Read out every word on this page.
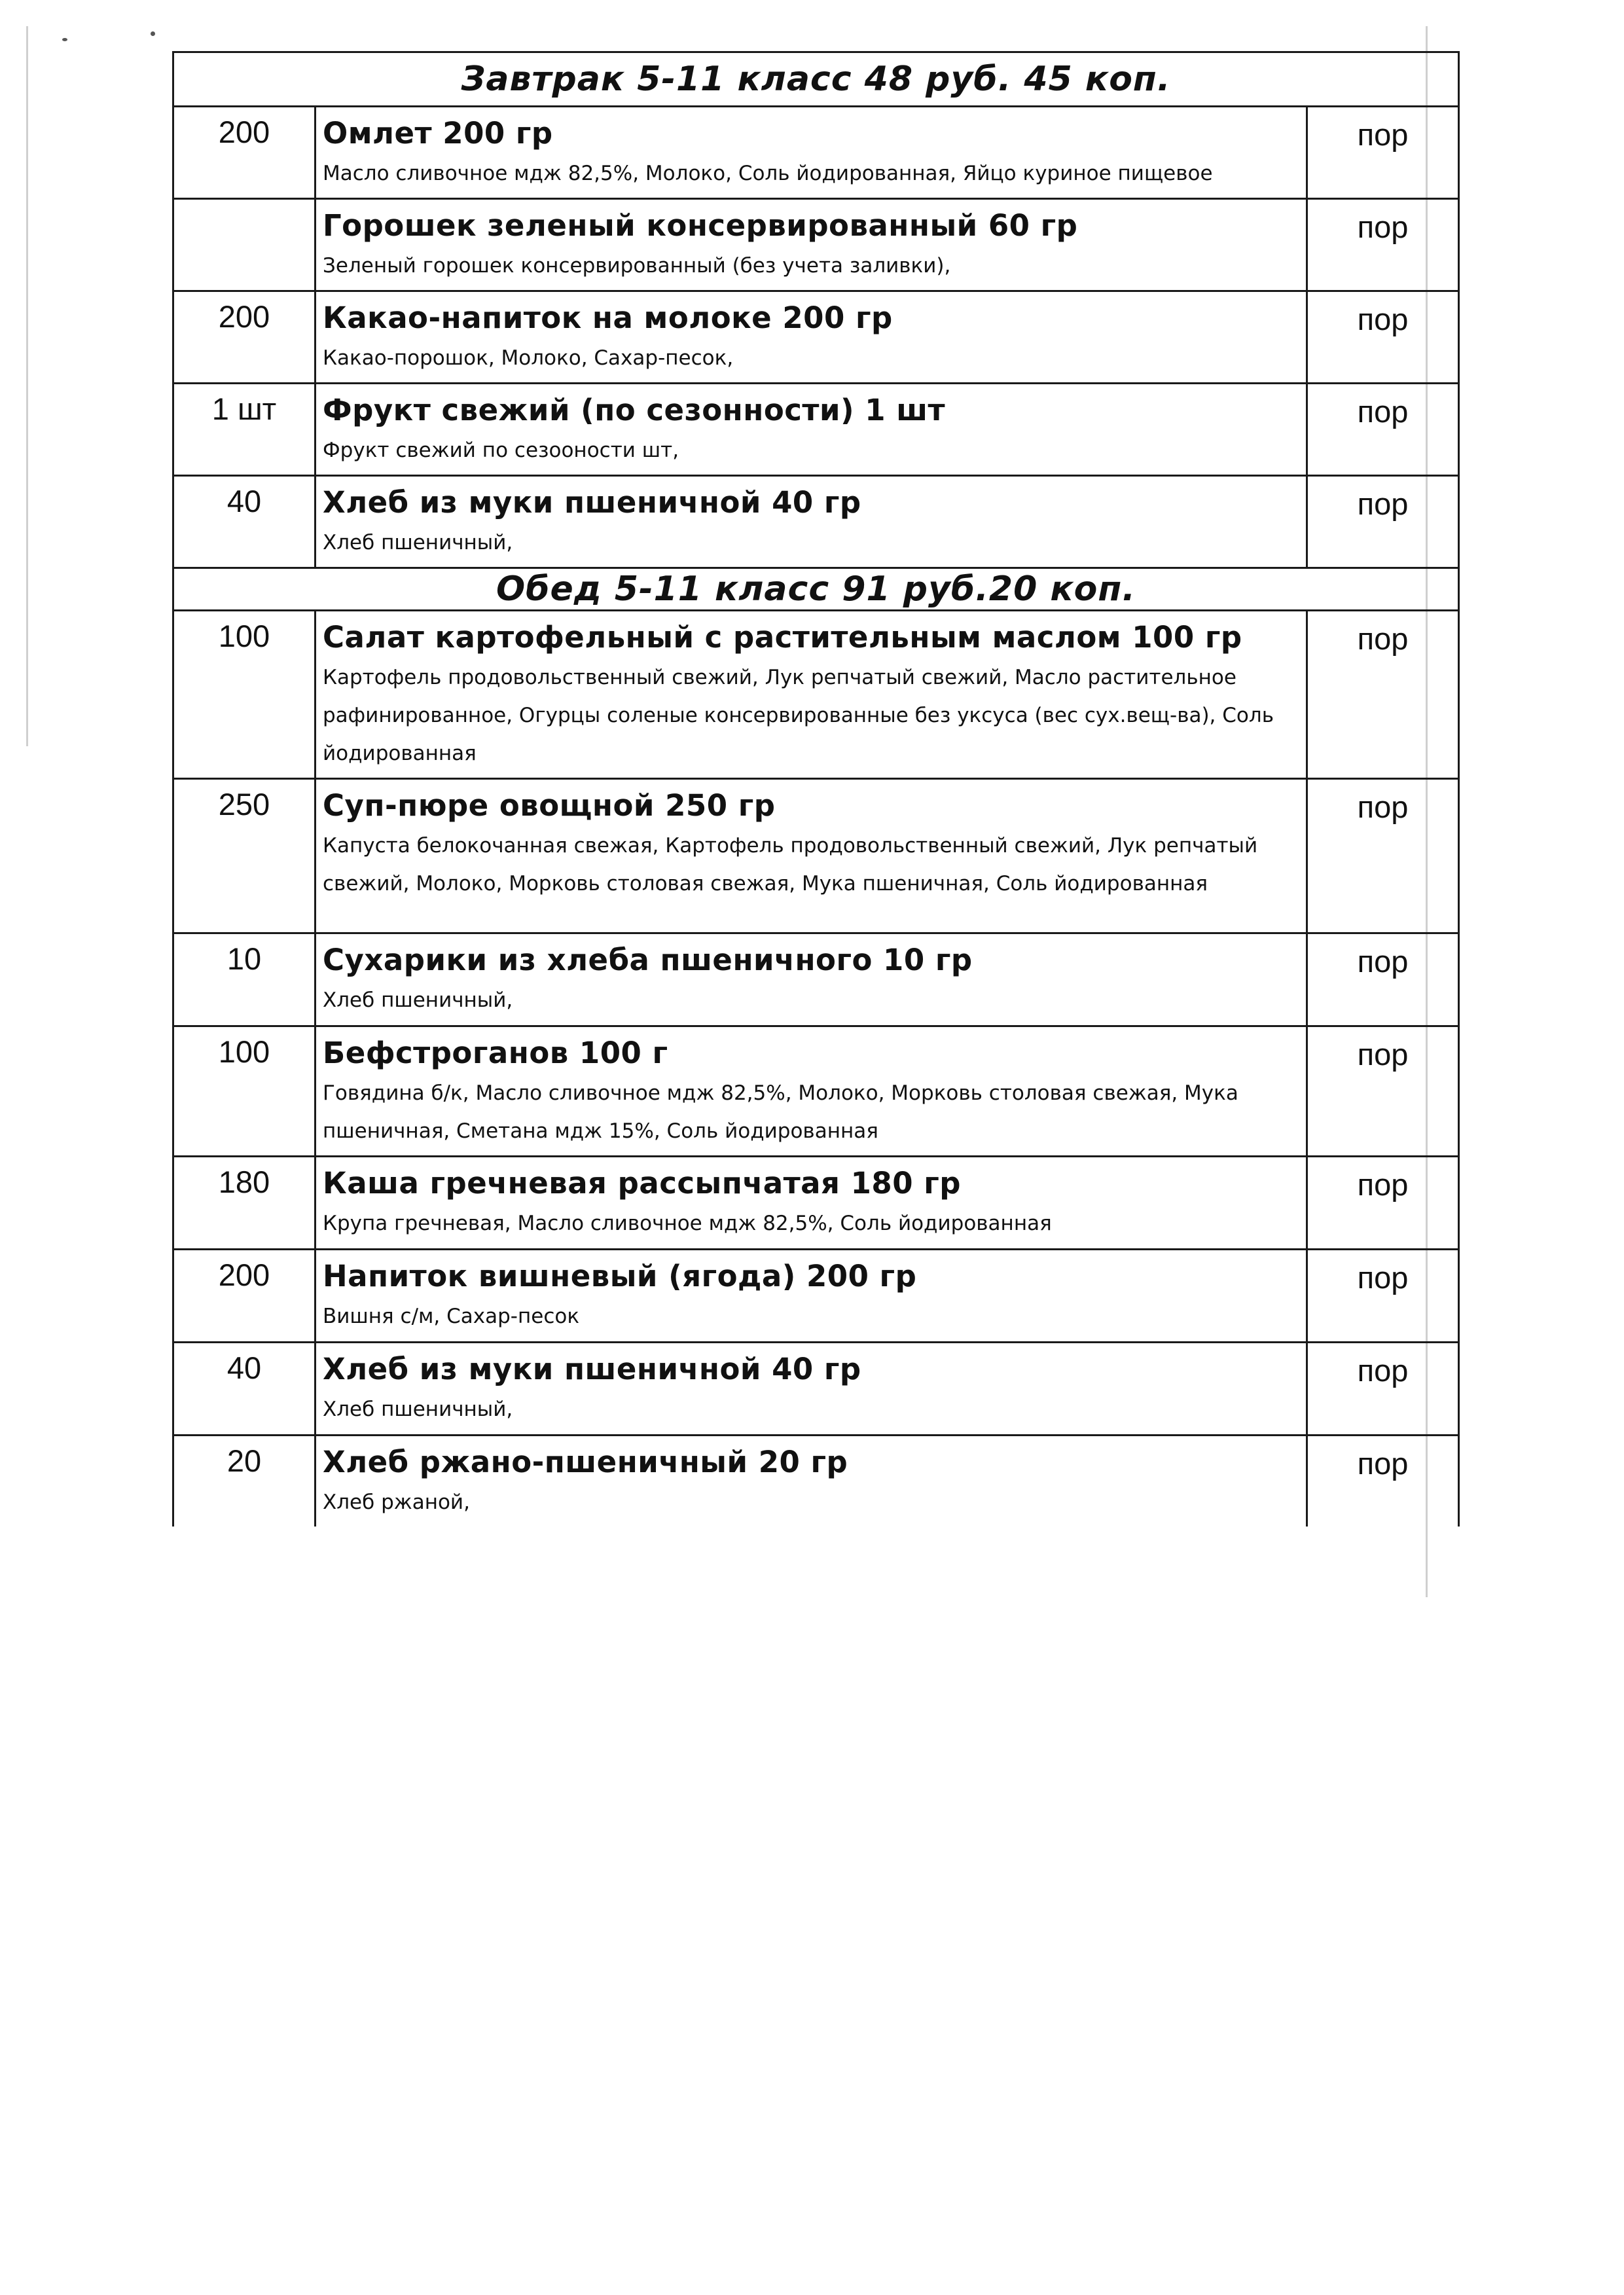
Завтрак 5-11 класс 48 руб. 45 коп.		
200	Омлет 200 гр
Масло сливочное мдж 82,5%, Молоко, Соль йодированная, Яйцо куриное пищевое	пор

	Горошек зеленый консервированный 60 гр
Зеленый горошек консервированный (без учета заливки),	пор
200	Какао-напиток на молоке 200 гр
Какао-порошок, Молоко, Сахар-песок,	пор
1 шт	Фрукт свежий (по сезонности) 1 шт
Фрукт свежий по сезооности шт,	пор
40	Хлеб из муки пшеничной 40 гр
Хлеб пшеничный,	пор
Обед 5-11 класс 91 руб.20 коп.		
100	Салат картофельный с растительным маслом 100 гр
Картофель продовольственный свежий, Лук репчатый свежий, Масло растительное рафинированное, Огурцы соленые консервированные без уксуса (вес сух.вещ-ва), Соль йодированная	пор
250	Суп-пюре овощной 250 гр
Капуста белокочанная свежая, Картофель продовольственный свежий, Лук репчатый свежий, Молоко, Морковь столовая свежая, Мука пшеничная, Соль йодированная	пор
10	Сухарики из хлеба пшеничного 10 гр
Хлеб пшеничный,	пор
100	Бефстроганов 100 г
Говядина б/к, Масло сливочное мдж 82,5%, Молоко, Морковь столовая свежая, Мука пшеничная, Сметана мдж 15%, Соль йодированная	пор
180	Каша гречневая рассыпчатая 180 гр
Крупа гречневая, Масло сливочное мдж 82,5%, Соль йодированная	пор
200	Напиток вишневый (ягода) 200 гр
Вишня с/м, Сахар-песок	пор
40	Хлеб из муки пшеничной 40 гр
Хлеб пшеничный,	пор
20	Хлеб ржано-пшеничный 20 гр
Хлеб ржаной,	пор
